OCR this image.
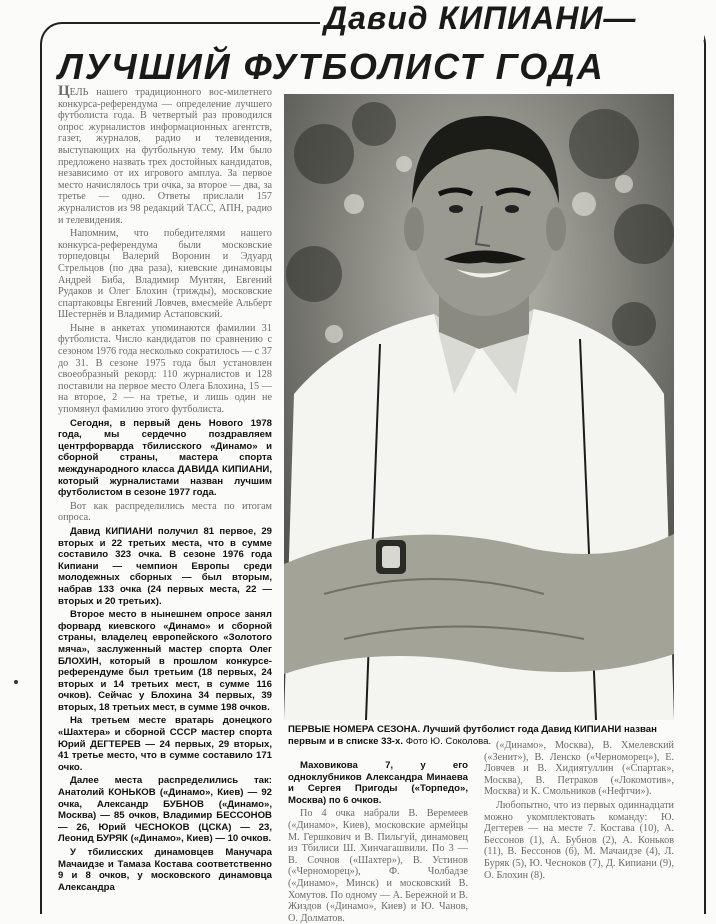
Давид КИПИАНИ—
ЛУЧШИЙ ФУТБОЛИСТ ГОДА

ЦЕЛЬ нашего традиционного вос-милетнего конкурса-референдума — определение лучшего футболиста года. В четвертый раз проводился опрос журналистов информационных агентств, газет, журналов, радио и телевидения, выступающих на футбольную тему. Им было предложено назвать трех достойных кандидатов, независимо от их игрового амплуа. За первое место начислялось три очка, за второе — два, за третье — одно. Ответы прислали 157 журналистов из 98 редакций ТАСС, АПН, радио и телевидения.

Напомним, что победителями нашего конкурса-референдума были московские торпедовцы Валерий Воронин и Эдуард Стрельцов (по два раза), киевские динамовцы Андрей Биба, Владимир Мунтян, Евгений Рудаков и Олег Блохин (трижды), московские спартаковцы Евгений Ловчев, вмесмейе Альберт Шестернёв и Владимир Астаповский.

Ныне в анкетах упоминаются фамилии 31 футболиста. Число кандидатов по сравнению с сезоном 1976 года несколько сократилось — с 37 до 31. В сезоне 1975 года был установлен своеобразный рекорд: 110 журналистов и 128 поставили на первое место Олега Блохина, 15 — на второе, 2 — на третье, и лишь один не упомянул фамилию этого футболиста.

Сегодня, в первый день Нового 1978 года, мы сердечно поздравляем центрфорварда тбилисского «Динамо» и сборной страны, мастера спорта международного класса ДАВИДА КИПИАНИ, который журналистами назван лучшим футболистом в сезоне 1977 года.

Вот как распределились места по итогам опроса.

Давид КИПИАНИ получил 81 первое, 29 вторых и 22 третьих места, что в сумме составило 323 очка. В сезоне 1976 года Кипиани — чемпион Европы среди молодежных сборных — был вторым, набрав 133 очка (24 первых места, 22 — вторых и 20 третьих).

Второе место в нынешнем опросе занял форвард киевского «Динамо» и сборной страны, владелец европейского «Золотого мяча», заслуженный мастер спорта Олег БЛОХИН, который в прошлом конкурсе-референдуме был третьим (18 первых, 24 вторых и 14 третьих мест, в сумме 116 очков). Сейчас у Блохина 34 первых, 39 вторых, 18 третьих мест, в сумме 198 очков.

На третьем месте вратарь донецкого «Шахтера» и сборной СССР мастер спорта Юрий ДЕГТЕРЕВ — 24 первых, 29 вторых, 41 третье место, что в сумме составило 171 очко.

Далее места распределились так: Анатолий КОНЬКОВ («Динамо», Киев) — 92 очка, Александр БУБНОВ («Динамо», Москва) — 85 очков, Владимир БЕССОНОВ — 26, Юрий ЧЕСНОКОВ (ЦСКА) — 23, Леонид БУРЯК («Динамо», Киев) — 10 очков.

У тбилисских динамовцев Манучара Мачаидзе и Тамаза Костава соответственно 9 и 8 очков, у московского динамовца Александра

ПЕРВЫЕ НОМЕРА СЕЗОНА. Лучший футболист года Давид КИПИАНИ назван первым и в списке 33-х. Фото Ю. Соколова.

Маховикова 7, у его одноклубников Александра Минаева и Сергея Пригоды («Торпедо», Москва) по 6 очков.

По 4 очка набрали В. Веремеев («Динамо», Киев), московские армейцы М. Гершкович и В. Пильгуй, динамовец из Тбилиси Ш. Хинчагашвили. По 3 — В. Сочнов («Шахтер»), В. Устинов («Черноморец»), Ф. Чолбадзе («Динамо», Минск) и московский В. Хомутов. По одному — А. Бережной и В. Жиздов («Динамо», Киев) и Ю. Чанов, О. Долматов.

(«Динамо», Москва), В. Хмелевский («Зенит»), В. Ленско («Черноморец»), Е. Ловчев и В. Хидиятуллин («Спартак», Москва), В. Петраков («Локомотив», Москва) и К. Смольников («Нефтчи»).

Любопытно, что из первых одиннадцати можно укомплектовать команду: Ю. Дегтерев — на месте 7. Костава (10), А. Бессонов (1), А. Бубнов (2), А. Коньков (11), В. Бессонов (6), М. Мачаидзе (4), Л. Буряк (5), Ю. Чесноков (7), Д. Кипиани (9), О. Блохин (8).
